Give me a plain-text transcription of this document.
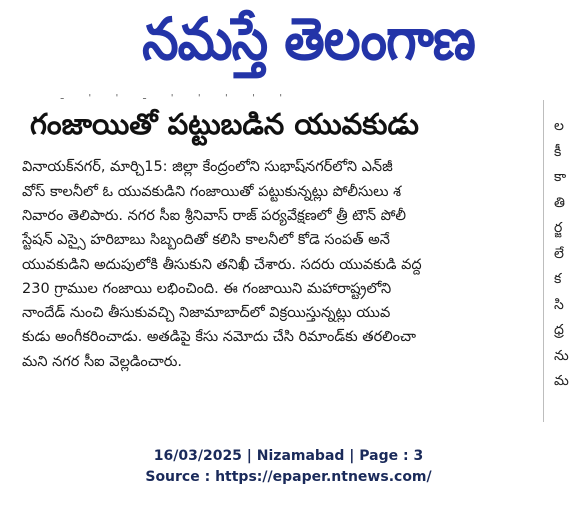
నమస్తే తెలంగాణ
- ' ' - ' ' ' ' '
గంజాయితో పట్టుబడిన యువకుడు
వినాయక్‌నగర్, మార్చి15: జిల్లా కేంద్రంలోని సుభాష్‌నగర్‌లోని ఎన్‌జీ
వోస్ కాలనీలో ఓ యువకుడిని గంజాయితో పట్టుకున్నట్లు పోలీసులు శ
నివారం తెలిపారు. నగర సీఐ శ్రీనివాస్ రాజ్ పర్యవేక్షణలో త్రీ టౌన్ పోలీ
స్టేషన్ ఎస్సై హరిబాబు సిబ్బందితో కలిసి కాలనీలో కోడె సంపత్ అనే
యువకుడిని అదుపులోకి తీసుకుని తనిఖీ చేశారు. సదరు యువకుడి వద్ద
230 గ్రాముల గంజాయి లభించింది. ఈ గంజాయిని మహారాష్ట్రలోని
నాందేడ్ నుంచి తీసుకువచ్చి నిజామాబాద్‌లో విక్రయిస్తున్నట్లు యువ
కుడు అంగీకరించాడు. అతడిపై కేసు నమోదు చేసి రిమాండ్‌కు తరలించా
మని నగర సీఐ వెల్లడించారు.
ల
కీ
కా
తి
ర్జ
లే
క
సి
ధ్ర
ను
మ
16/03/2025 | Nizamabad | Page : 3
Source : https://epaper.ntnews.com/
